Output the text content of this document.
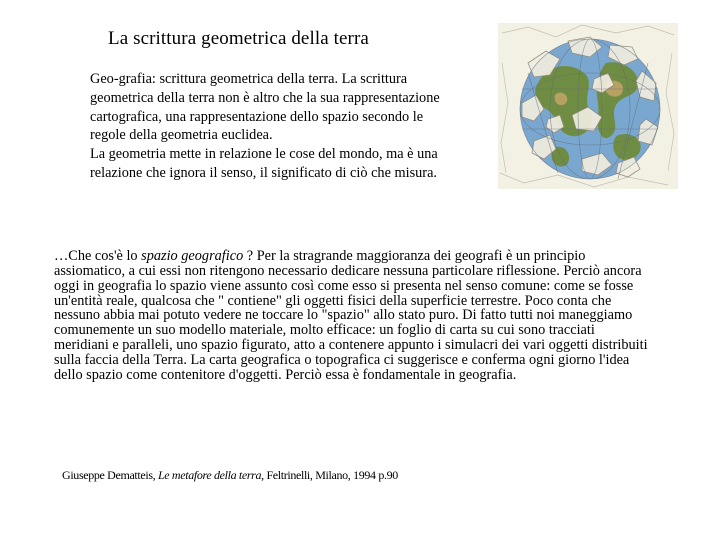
La scrittura geometrica della terra

Geo-grafia: scrittura geometrica della terra. La scrittura geometrica della terra non è altro che la sua rappresentazione cartografica, una rappresentazione dello spazio secondo le regole della geometria euclidea.

La geometria mette in relazione le cose del mondo, ma è una relazione che ignora il senso, il significato di ciò che misura.

…Che cos'è lo spazio geografico ? Per la stragrande maggioranza dei geografi è un principio assiomatico, a cui essi non ritengono necessario dedicare nessuna particolare riflessione. Perciò ancora oggi in geografia lo spazio viene assunto così come esso si presenta nel senso comune: come se fosse un'entità reale, qualcosa che " contiene" gli oggetti fisici della superficie terrestre. Poco conta che nessuno abbia mai potuto vedere ne toccare lo "spazio" allo stato puro. Di fatto tutti noi maneggiamo comunemente un suo modello materiale, molto efficace: un foglio di carta su cui sono tracciati meridiani e paralleli, uno spazio figurato, atto a contenere appunto i simulacri dei vari oggetti distribuiti sulla faccia della Terra. La carta geografica o topografica ci suggerisce e conferma ogni giorno l'idea dello spazio come contenitore d'oggetti. Perciò essa è fondamentale in geografia.
Giuseppe Dematteis, Le metafore della terra, Feltrinelli, Milano, 1994 p.90
